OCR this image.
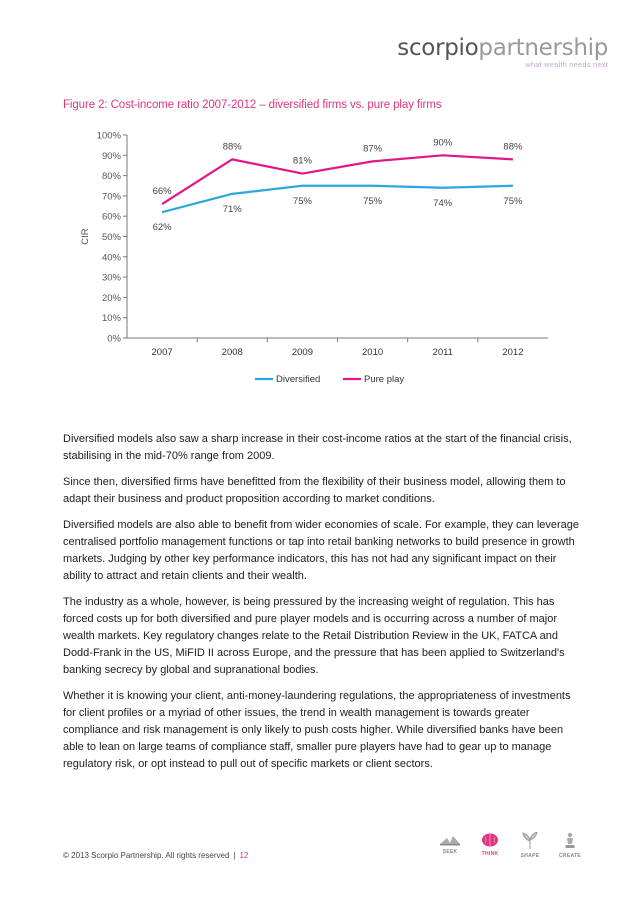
scorpiopartnership
what wealth needs next
Figure 2: Cost-income ratio 2007-2012 – diversified firms vs. pure play firms
0%
10%
20%
30%
40%
50%
60%
70%
80%
90%
100%
2007	2008	2009	2010	2011	2012
CIR
62%
71%
75%	75%	74%	75%
66%
88%
81%
87%
90%	88%
Diversified	Pure play

Diversified models also saw a sharp increase in their cost-income ratios at the start of the financial crisis, stabilising in the mid-70% range from 2009.

Since then, diversified firms have benefitted from the flexibility of their business model, allowing them to adapt their business and product proposition according to market conditions.

Diversified models are also able to benefit from wider economies of scale. For example, they can leverage centralised portfolio management functions or tap into retail banking networks to build presence in growth markets. Judging by other key performance indicators, this has not had any significant impact on their ability to attract and retain clients and their wealth.

The industry as a whole, however, is being pressured by the increasing weight of regulation. This has forced costs up for both diversified and pure player models and is occurring across a number of major wealth markets. Key regulatory changes relate to the Retail Distribution Review in the UK, FATCA and Dodd-Frank in the US, MiFID II across Europe, and the pressure that has been applied to Switzerland's banking secrecy by global and supranational bodies.

Whether it is knowing your client, anti-money-laundering regulations, the appropriateness of investments for client profiles or a myriad of other issues, the trend in wealth management is towards greater compliance and risk management is only likely to push costs higher. While diversified banks have been able to lean on large teams of compliance staff, smaller pure players have had to gear up to manage regulatory risk, or opt instead to pull out of specific markets or client sectors.

© 2013 Scorpio Partnership. All rights reserved | 12	SEEK	THINK	SHAPE	CREATE
